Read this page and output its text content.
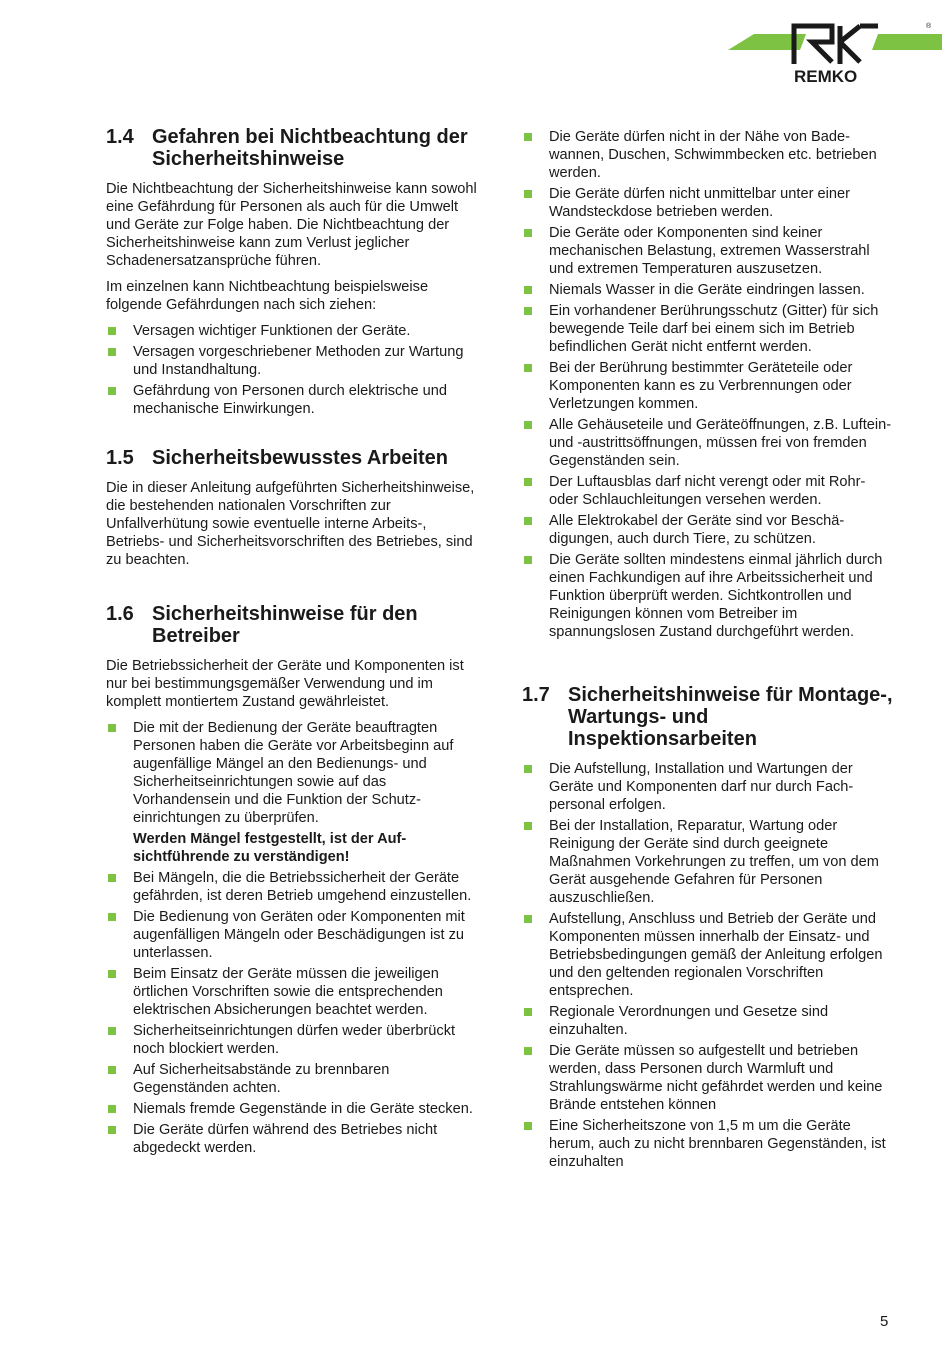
®
REMKO
1.4 Gefahren bei Nichtbeachtung der Sicherheitshinweise

Die Nichtbeachtung der Sicherheitshinweise kann sowohl eine Gefährdung für Personen als auch für die Umwelt und Geräte zur Folge haben. Die Nichtbeachtung der Sicherheitshinweise kann zum Verlust jeglicher Schadenersatzansprüche führen.

Im einzelnen kann Nichtbeachtung beispielsweise folgende Gefährdungen nach sich ziehen:

Versagen wichtiger Funktionen der Geräte.
Versagen vorgeschriebener Methoden zur Wartung und Instandhaltung.
Gefährdung von Personen durch elektrische und mechanische Einwirkungen.
1.5 Sicherheitsbewusstes Arbeiten

Die in dieser Anleitung aufgeführten Sicherheitshinweise, die bestehenden nationalen Vorschriften zur Unfallverhütung sowie eventuelle interne Arbeits-, Betriebs- und Sicherheitsvorschriften des Betriebes, sind zu beachten.

1.6 Sicherheitshinweise für den Betreiber

Die Betriebssicherheit der Geräte und Komponenten ist nur bei bestimmungsgemäßer Verwendung und im komplett montiertem Zustand gewährleistet.

Die mit der Bedienung der Geräte beauftragten Personen haben die Geräte vor Arbeitsbeginn auf augenfällige Mängel an den Bedienungs- und Sicherheitseinrichtungen sowie auf das Vorhandensein und die Funktion der Schutzeinrichtungen zu überprüfen.
Werden Mängel festgestellt, ist der Aufsichtführende zu verständigen!
Bei Mängeln, die die Betriebssicherheit der Geräte gefährden, ist deren Betrieb umgehend einzustellen.
Die Bedienung von Geräten oder Komponenten mit augenfälligen Mängeln oder Beschädigungen ist zu unterlassen.
Beim Einsatz der Geräte müssen die jeweiligen örtlichen Vorschriften sowie die entsprechenden elektrischen Absicherungen beachtet werden.
Sicherheitseinrichtungen dürfen weder überbrückt noch blockiert werden.
Auf Sicherheitsabstände zu brennbaren Gegenständen achten.
Niemals fremde Gegenstände in die Geräte stecken.
Die Geräte dürfen während des Betriebes nicht abgedeckt werden.
Die Geräte dürfen nicht in der Nähe von Badewannen, Duschen, Schwimmbecken etc. betrieben werden.
Die Geräte dürfen nicht unmittelbar unter einer Wandsteckdose betrieben werden.
Die Geräte oder Komponenten sind keiner mechanischen Belastung, extremen Wasserstrahl und extremen Temperaturen auszusetzen.
Niemals Wasser in die Geräte eindringen lassen.
Ein vorhandener Berührungsschutz (Gitter) für sich bewegende Teile darf bei einem sich im Betrieb befindlichen Gerät nicht entfernt werden.
Bei der Berührung bestimmter Geräteteile oder Komponenten kann es zu Verbrennungen oder Verletzungen kommen.
Alle Gehäuseteile und Geräteöffnungen, z.B. Luftein- und -austrittsöffnungen, müssen frei von fremden Gegenständen sein.
Der Luftausblas darf nicht verengt oder mit Rohr- oder Schlauchleitungen versehen werden.
Alle Elektrokabel der Geräte sind vor Beschädigungen, auch durch Tiere, zu schützen.
Die Geräte sollten mindestens einmal jährlich durch einen Fachkundigen auf ihre Arbeitssicherheit und Funktion überprüft werden. Sichtkontrollen und Reinigungen können vom Betreiber im spannungslosen Zustand durchgeführt werden.
1.7 Sicherheitshinweise für Montage-, Wartungs- und Inspektionsarbeiten
Die Aufstellung, Installation und Wartungen der Geräte und Komponenten darf nur durch Fachpersonal erfolgen.
Bei der Installation, Reparatur, Wartung oder Reinigung der Geräte sind durch geeignete Maßnahmen Vorkehrungen zu treffen, um von dem Gerät ausgehende Gefahren für Personen auszuschließen.
Aufstellung, Anschluss und Betrieb der Geräte und Komponenten müssen innerhalb der Einsatz- und Betriebsbedingungen gemäß der Anleitung erfolgen und den geltenden regionalen Vorschriften entsprechen.
Regionale Verordnungen und Gesetze sind einzuhalten.
Die Geräte müssen so aufgestellt und betrieben werden, dass Personen durch Warmluft und Strahlungswärme nicht gefährdet werden und keine Brände entstehen können
Eine Sicherheitszone von 1,5 m um die Geräte herum, auch zu nicht brennbaren Gegenständen, ist einzuhalten
5
